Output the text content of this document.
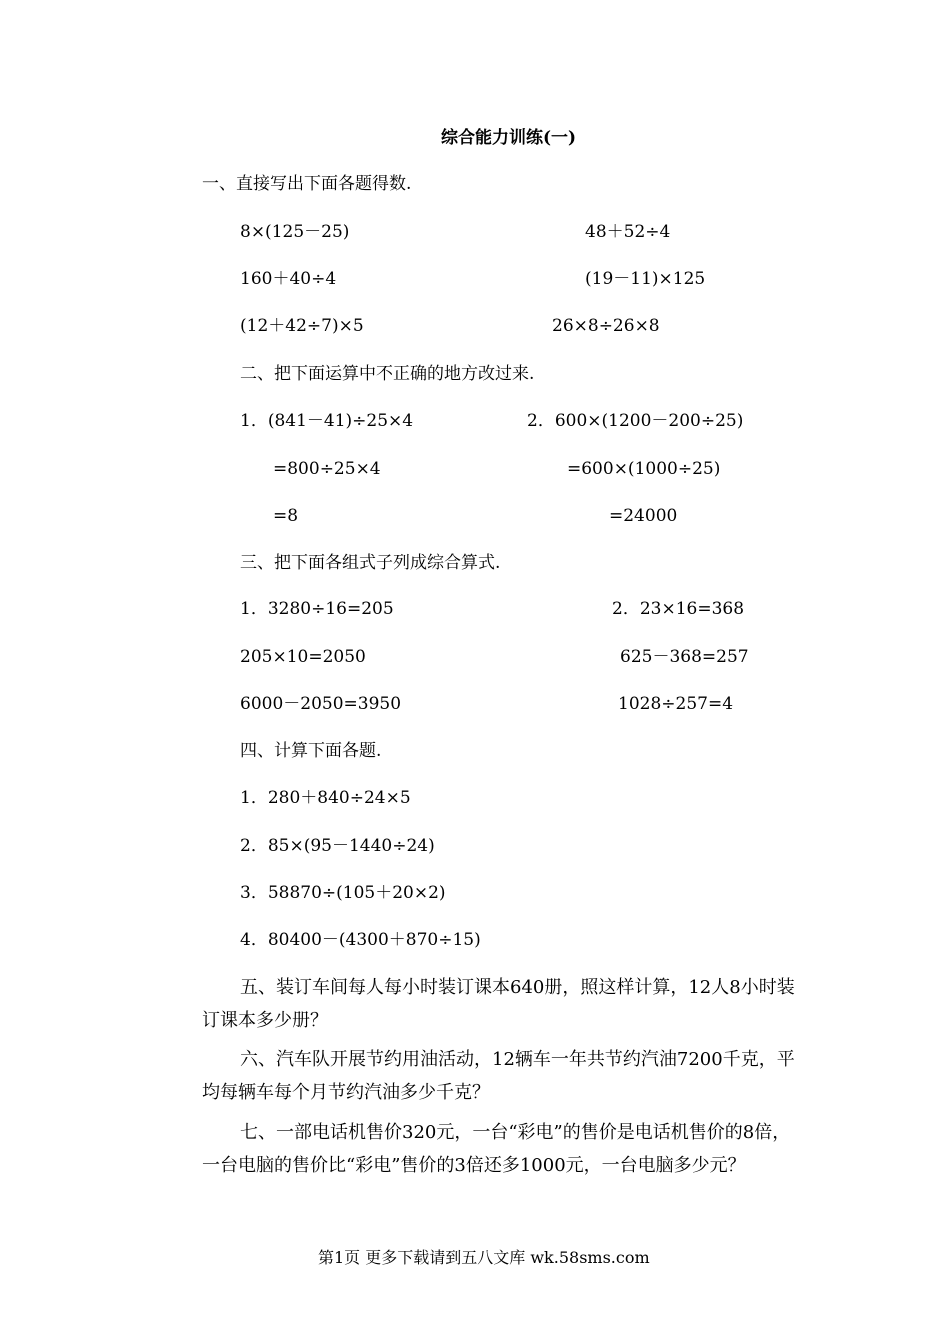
综合能力训练(一)
一、直接写出下面各题得数.
8×(125－25)	48＋52÷4
160＋40÷4	(19－11)×125
(12＋42÷7)×5	26×8÷26×8
二、把下面运算中不正确的地方改过来.
1．(841－41)÷25×4	2．600×(1200－200÷25)
=800÷25×4	=600×(1000÷25)
=8	=24000
三、把下面各组式子列成综合算式.
1．3280÷16=205	2．23×16=368
205×10=2050	625－368=257
6000－2050=3950	1028÷257=4
四、计算下面各题.
1．280＋840÷24×5
2．85×(95－1440÷24)
3．58870÷(105＋20×2)
4．80400－(4300＋870÷15)
五、装订车间每人每小时装订课本640册，照这样计算，12人8小时装订课本多少册？
六、汽车队开展节约用油活动，12辆车一年共节约汽油7200千克，平均每辆车每个月节约汽油多少千克？
七、一部电话机售价320元，一台“彩电”的售价是电话机售价的8倍，一台电脑的售价比“彩电”售价的3倍还多1000元，一台电脑多少元？
第1页 更多下载请到五八文库 wk.58sms.com
